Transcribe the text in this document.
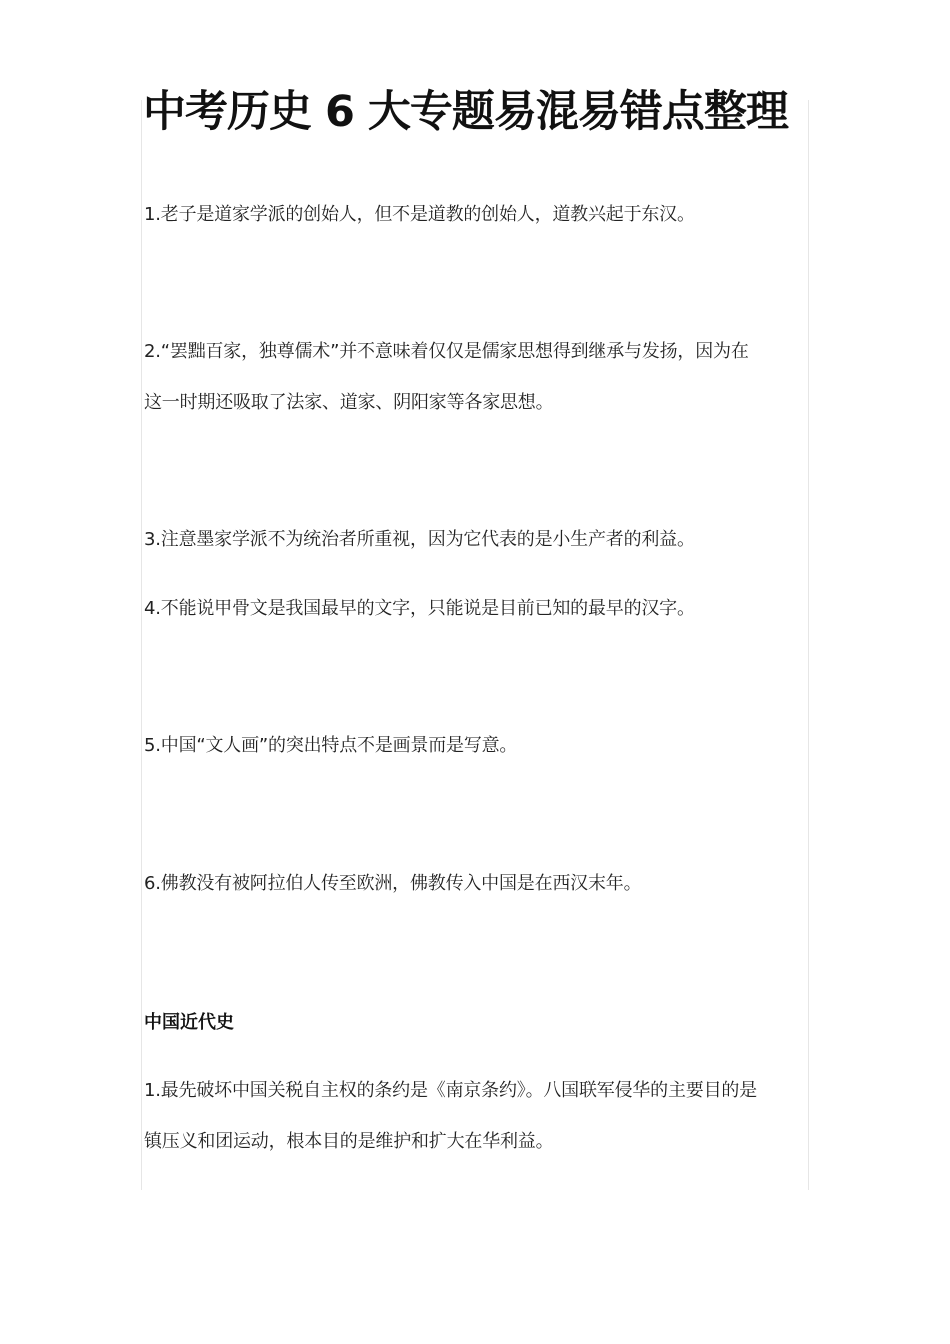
中考历史 6 大专题易混易错点整理

1.老子是道家学派的创始人，但不是道教的创始人，道教兴起于东汉。

2.“罢黜百家，独尊儒术”并不意味着仅仅是儒家思想得到继承与发扬，因为在
这一时期还吸取了法家、道家、阴阳家等各家思想。

3.注意墨家学派不为统治者所重视，因为它代表的是小生产者的利益。

4.不能说甲骨文是我国最早的文字，只能说是目前已知的最早的汉字。

5.中国“文人画”的突出特点不是画景而是写意。

6.佛教没有被阿拉伯人传至欧洲，佛教传入中国是在西汉末年。

中国近代史

1.最先破坏中国关税自主权的条约是《南京条约》。八国联军侵华的主要目的是
镇压义和团运动，根本目的是维护和扩大在华利益。
